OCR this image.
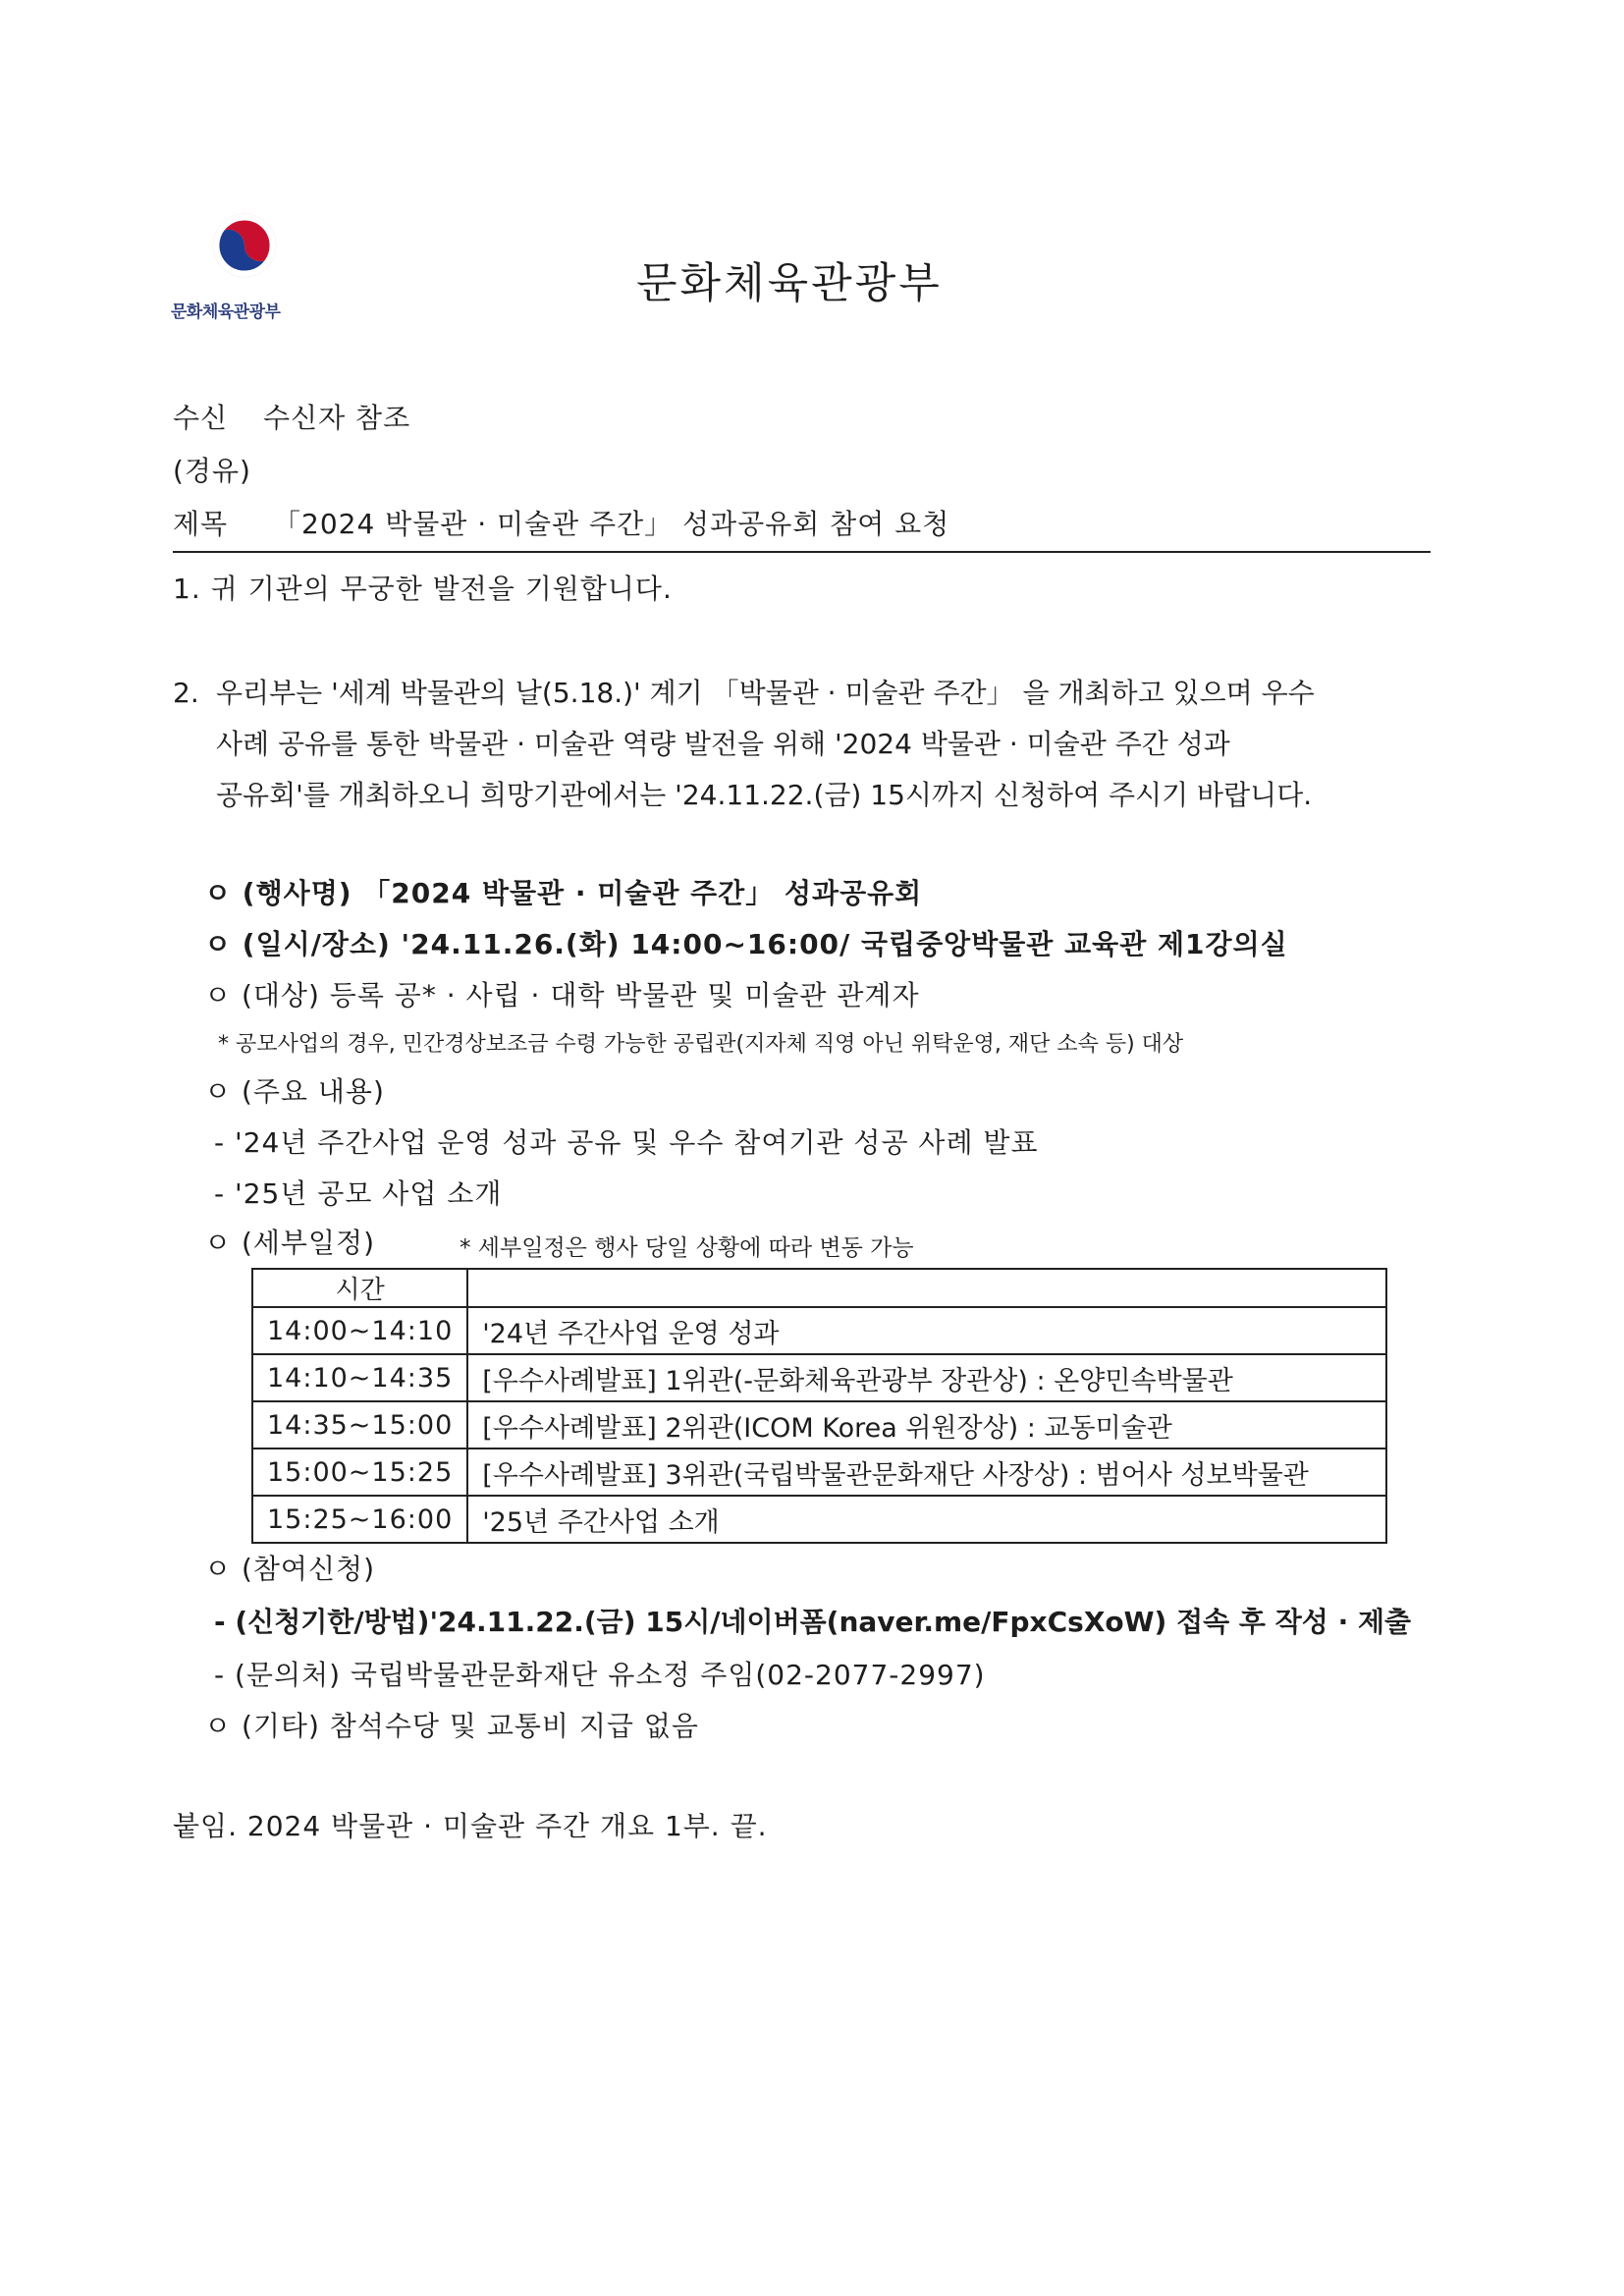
문화체육관광부
문화체육관광부
수신 수신자 참조
(경유)
제목 「2024 박물관 · 미술관 주간」 성과공유회 참여 요청
1. 귀 기관의 무궁한 발전을 기원합니다.
2. 우리부는 '세계 박물관의 날(5.18.)' 계기 「박물관 · 미술관 주간」 을 개최하고 있으며 우수
사례 공유를 통한 박물관 · 미술관 역량 발전을 위해 '2024 박물관 · 미술관 주간 성과
공유회'를 개최하오니 희망기관에서는 '24.11.22.(금) 15시까지 신청하여 주시기 바랍니다.
ㅇ (행사명) 「2024 박물관 · 미술관 주간」 성과공유회
ㅇ (일시/장소) '24.11.26.(화) 14:00~16:00/ 국립중앙박물관 교육관 제1강의실
ㅇ (대상) 등록 공* · 사립 · 대학 박물관 및 미술관 관계자
* 공모사업의 경우, 민간경상보조금 수령 가능한 공립관(지자체 직영 아닌 위탁운영, 재단 소속 등) 대상
ㅇ (주요 내용)
- '24년 주간사업 운영 성과 공유 및 우수 참여기관 성공 사례 발표
- '25년 공모 사업 소개
ㅇ (세부일정)	* 세부일정은 행사 당일 상황에 따라 변동 가능
시간	
14:00~14:10	'24년 주간사업 운영 성과
14:10~14:35	[우수사례발표] 1위관(-문화체육관광부 장관상) : 온양민속박물관
14:35~15:00	[우수사례발표] 2위관(ICOM Korea 위원장상) : 교동미술관
15:00~15:25	[우수사례발표] 3위관(국립박물관문화재단 사장상) : 범어사 성보박물관
15:25~16:00	'25년 주간사업 소개
ㅇ (참여신청)
- (신청기한/방법)'24.11.22.(금) 15시/네이버폼(naver.me/FpxCsXoW) 접속 후 작성 · 제출
- (문의처) 국립박물관문화재단 유소정 주임(02-2077-2997)
ㅇ (기타) 참석수당 및 교통비 지급 없음
붙임. 2024 박물관 · 미술관 주간 개요 1부. 끝.
